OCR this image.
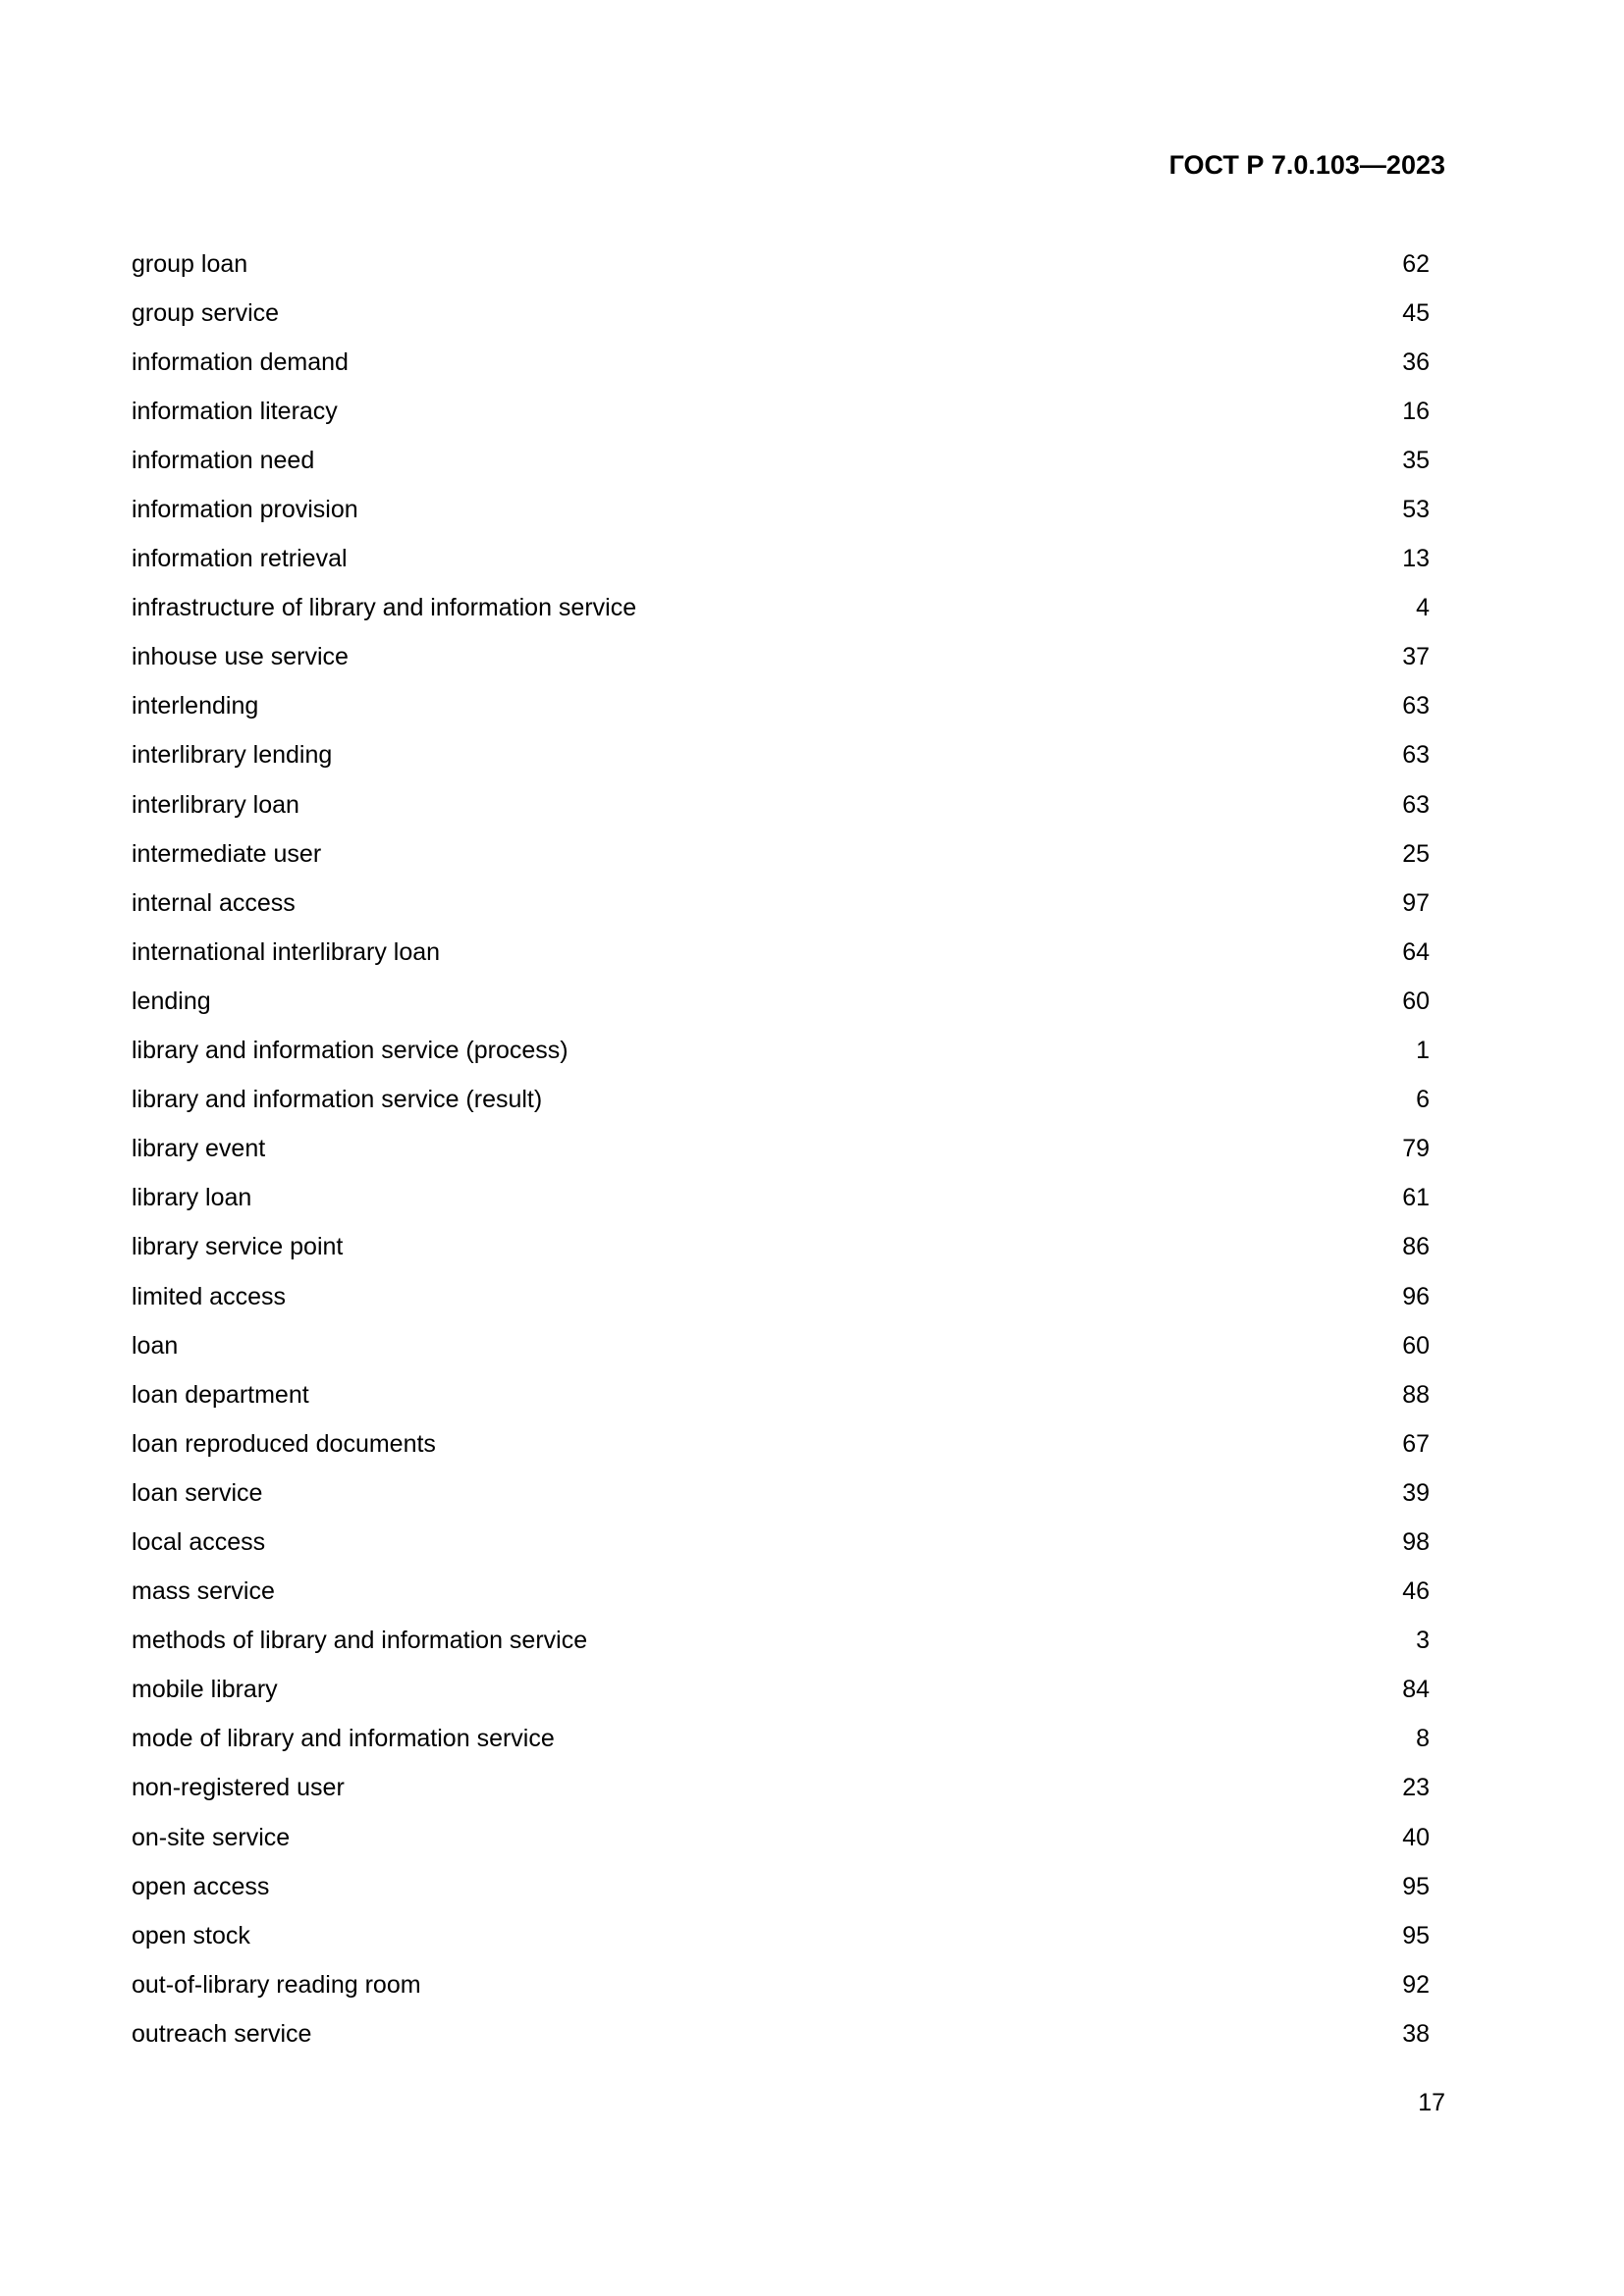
ГОСТ Р 7.0.103—2023
group loan	62
group service	45
information demand	36
information literacy	16
information need	35
information provision	53
information retrieval	13
infrastructure of library and information service	4
inhouse use service	37
interlending	63
interlibrary lending	63
interlibrary loan	63
intermediate user	25
internal access	97
international interlibrary loan	64
lending	60
library and information service (process)	1
library and information service (result)	6
library event	79
library loan	61
library service point	86
limited access	96
loan	60
loan department	88
loan reproduced documents	67
loan service	39
local access	98
mass service	46
methods of library and information service	3
mobile library	84
mode of library and information service	8
non-registered user	23
on-site service	40
open access	95
open stock	95
out-of-library reading room	92
outreach service	38
17
